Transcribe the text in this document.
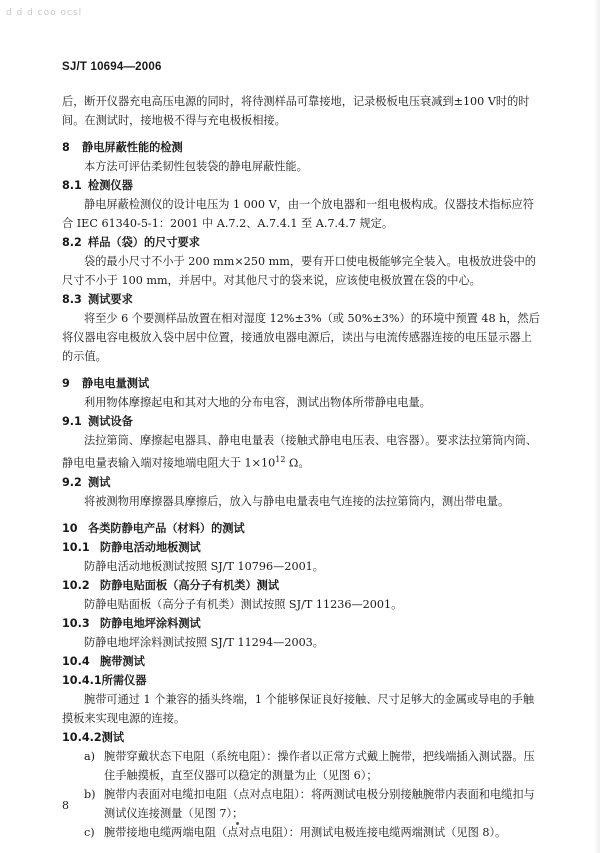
d d d coo ocsl
SJ/T 10694—2006

后，断开仪器充电高压电源的同时，将待测样品可靠接地，记录极板电压衰减到±100 V时的时间。在测试时，接地极不得与充电极板相接。

8 静电屏蔽性能的检测

本方法可评估柔韧性包装袋的静电屏蔽性能。

8.1 检测仪器

静电屏蔽检测仪的设计电压为 1 000 V，由一个放电器和一组电极构成。仪器技术指标应符合 IEC 61340-5-1：2001 中 A.7.2、A.7.4.1 至 A.7.4.7 规定。

8.2 样品（袋）的尺寸要求

袋的最小尺寸不小于 200 mm×250 mm，要有开口使电极能够完全装入。电极放进袋中的尺寸不小于 100 mm，并居中。对其他尺寸的袋来说，应该使电极放置在袋的中心。

8.3 测试要求

将至少 6 个要测样品放置在相对湿度 12%±3%（或 50%±3%）的环境中预置 48 h，然后将仪器电容电极放入袋中居中位置，接通放电器电源后，读出与电流传感器连接的电压显示器上的示值。

9 静电电量测试

利用物体摩擦起电和其对大地的分布电容，测试出物体所带静电电量。

9.1 测试设备

法拉第筒、摩擦起电器具、静电电量表（接触式静电电压表、电容器）。要求法拉第筒内筒、静电电量表输入端对接地端电阻大于 $1\times 10^{12}$ Ω。

9.2 测试

将被测物用摩擦器具摩擦后，放入与静电电量表电气连接的法拉第筒内，测出带电量。

10 各类防静电产品（材料）的测试

10.1 防静电活动地板测试

防静电活动地板测试按照 SJ/T 10796—2001。

10.2 防静电贴面板（高分子有机类）测试

防静电贴面板（高分子有机类）测试按照 SJ/T 11236—2001。

10.3 防静电地坪涂料测试

防静电地坪涂料测试按照 SJ/T 11294—2003。

10.4 腕带测试

10.4.1所需仪器

腕带可通过 1 个兼容的插头终端，1 个能够保证良好接触、尺寸足够大的金属或导电的手触摸板来实现电源的连接。

10.4.2测试

a) 腕带穿戴状态下电阻（系统电阻）：操作者以正常方式戴上腕带，把线端插入测试器。压住手触摸板，直至仪器可以稳定的测量为止（见图 6）；
b) 腕带内表面对电缆扣电阻（点对点电阻）：将两测试电极分别接触腕带内表面和电缆扣与测试仪连接测量（见图 7）；
c) 腕带接地电缆两端电阻（点对点电阻）：用测试电极连接电缆两端测试（见图 8）。
8
